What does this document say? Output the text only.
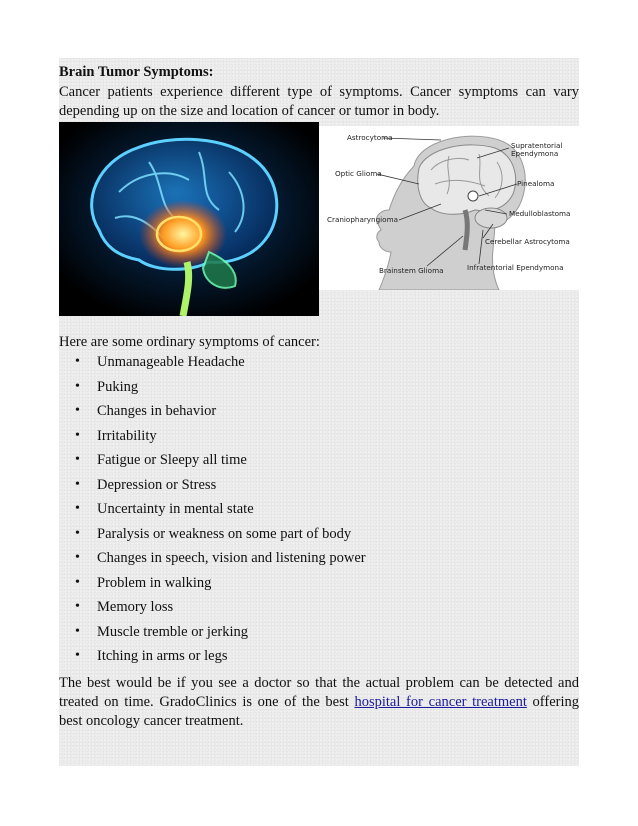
Brain Tumor Symptoms:

Cancer patients experience different type of symptoms. Cancer symptoms can vary depending up on the size and location of cancer or tumor in body.

Astrocytoma
Supratentorial
Ependymona
Optic Glioma
Pinealoma
Craniopharyngioma
Medulloblastoma
Cerebellar Astrocytoma
Brainstem Glioma	Infratentorial Ependymona

Here are some ordinary symptoms of cancer:

• Unmanageable Headache
• Puking
• Changes in behavior
• Irritability
• Fatigue or Sleepy all time
• Depression or Stress
• Uncertainty in mental state
• Paralysis or weakness on some part of body
• Changes in speech, vision and listening power
• Problem in walking
• Memory loss
• Muscle tremble or jerking
• Itching in arms or legs

The best would be if you see a doctor so that the actual problem can be detected and treated on time. GradoClinics is one of the best hospital for cancer treatment offering best oncology cancer treatment.
